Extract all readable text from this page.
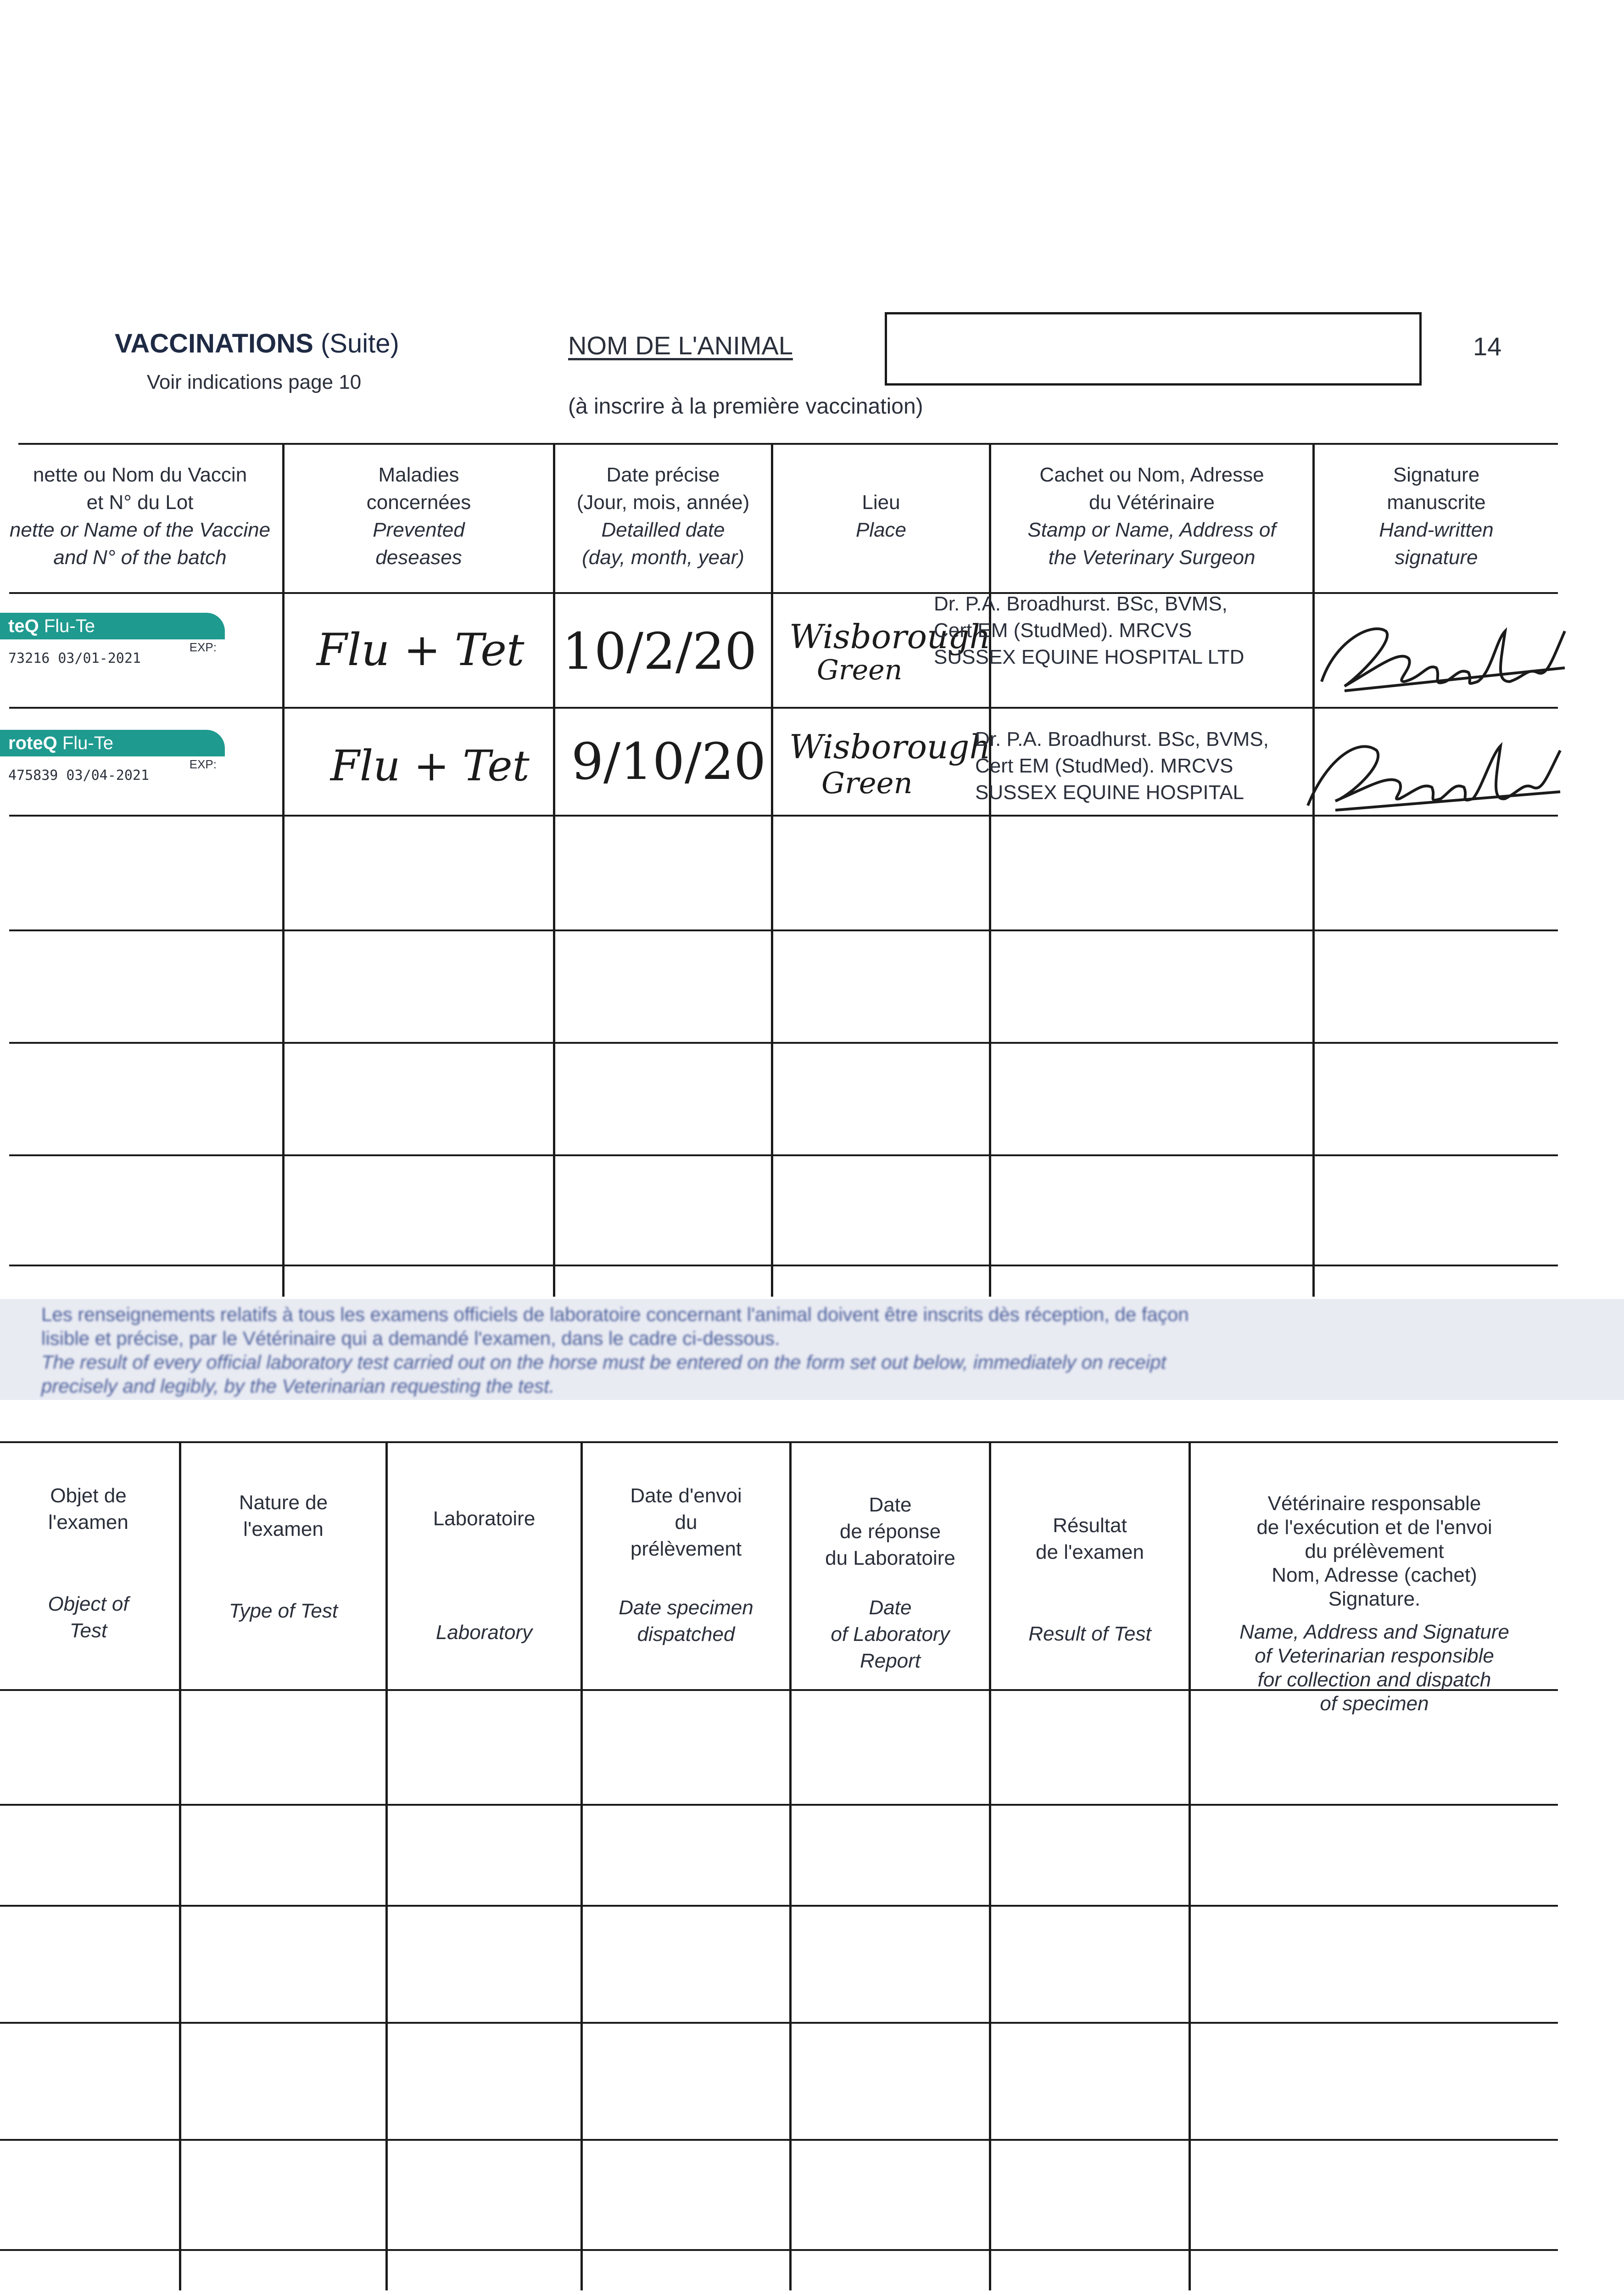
VACCINATIONS (Suite)
Voir indications page 10
NOM DE L'ANIMAL
(à inscrire à la première vaccination)
14
nette ou Nom du Vaccin
et N° du Lot
nette or Name of the Vaccine
and N° of the batch
Maladies
concernées
Prevented
deseases
Date précise
(Jour, mois, année)
Detailled date
(day, month, year)
Lieu
Place
Cachet ou Nom, Adresse
du Vétérinaire
Stamp or Name, Address of
the Veterinary Surgeon
Signature
manuscrite
Hand-written
signature
teQ Flu-Te
EXP:
73216 03/01-2021	Flu + Tet 10/2/20 Wisborough
Green
Dr. P.A. Broadhurst. BSc, BVMS,
Cert EM (StudMed). MRCVS
SUSSEX EQUINE HOSPITAL LTD
roteQ Flu-Te
EXP:
475839 03/04-2021	Flu + Tet 9/10/20 Wisborough
Green
Dr. P.A. Broadhurst. BSc, BVMS,
Cert EM (StudMed). MRCVS
SUSSEX EQUINE HOSPITAL
Les renseignements relatifs à tous les examens officiels de laboratoire concernant l'animal doivent être inscrits dès réception, de façon
lisible et précise, par le Vétérinaire qui a demandé l'examen, dans le cadre ci-dessous.
The result of every official laboratory test carried out on the horse must be entered on the form set out below, immediately on receipt
precisely and legibly, by the Veterinarian requesting the test.
Objet de
l'examen
Object of
Test
Nature de
l'examen
Type of Test
Laboratoire
Laboratory
Date d'envoi
du
prélèvement
Date specimen
dispatched
Date
de réponse
du Laboratoire
Date
of Laboratory
Report
Résultat
de l'examen
Result of Test
Vétérinaire responsable
de l'exécution et de l'envoi
du prélèvement
Nom, Adresse (cachet)
Signature.
Name, Address and Signature
of Veterinarian responsible
for collection and dispatch
of specimen
